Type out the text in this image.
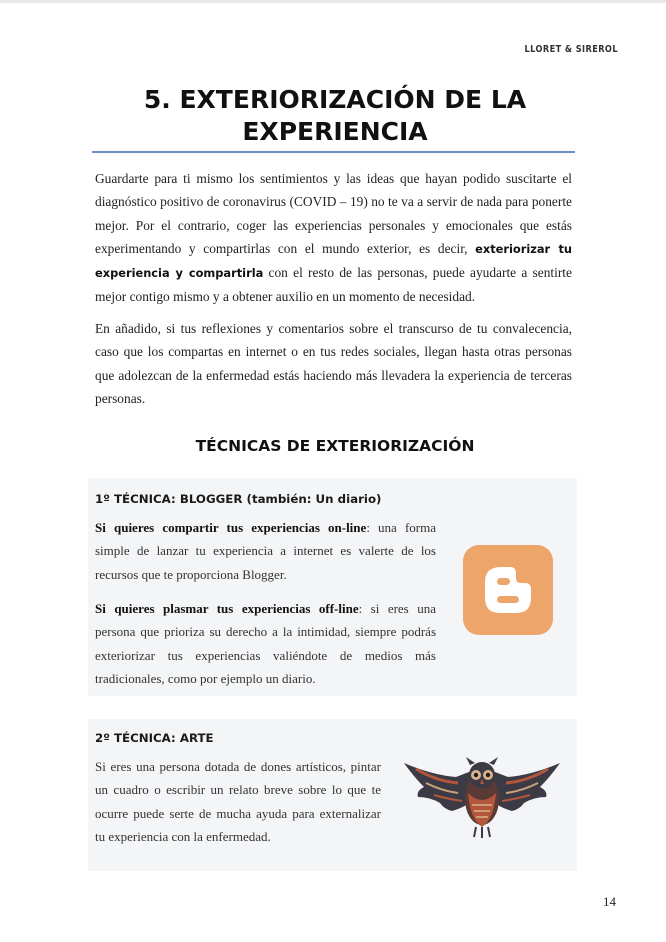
LLORET & SIREROL
5. EXTERIORIZACIÓN DE LA
EXPERIENCIA

Guardarte para ti mismo los sentimientos y las ideas que hayan podido suscitarte el diagnóstico positivo de coronavirus (COVID – 19) no te va a servir de nada para ponerte mejor. Por el contrario, coger las experiencias personales y emocionales que estás experimentando y compartirlas con el mundo exterior, es decir, exteriorizar tu experiencia y compartirla con el resto de las personas, puede ayudarte a sentirte mejor contigo mismo y a obtener auxilio en un momento de necesidad.

En añadido, si tus reflexiones y comentarios sobre el transcurso de tu convalecencia, caso que los compartas en internet o en tus redes sociales, llegan hasta otras personas que adolezcan de la enfermedad estás haciendo más llevadera la experiencia de terceras personas.

TÉCNICAS DE EXTERIORIZACIÓN

1º TÉCNICA: BLOGGER (también: Un diario)

Si quieres compartir tus experiencias on-line: una forma simple de lanzar tu experiencia a internet es valerte de los recursos que te proporciona Blogger.

Si quieres plasmar tus experiencias off-line: si eres una persona que prioriza su derecho a la intimidad, siempre podrás exteriorizar tus experiencias valiéndote de medios más tradicionales, como por ejemplo un diario.

2º TÉCNICA: ARTE

Si eres una persona dotada de dones artísticos, pintar un cuadro o escribir un relato breve sobre lo que te ocurre puede serte de mucha ayuda para externalizar tu experiencia con la enfermedad.

14
